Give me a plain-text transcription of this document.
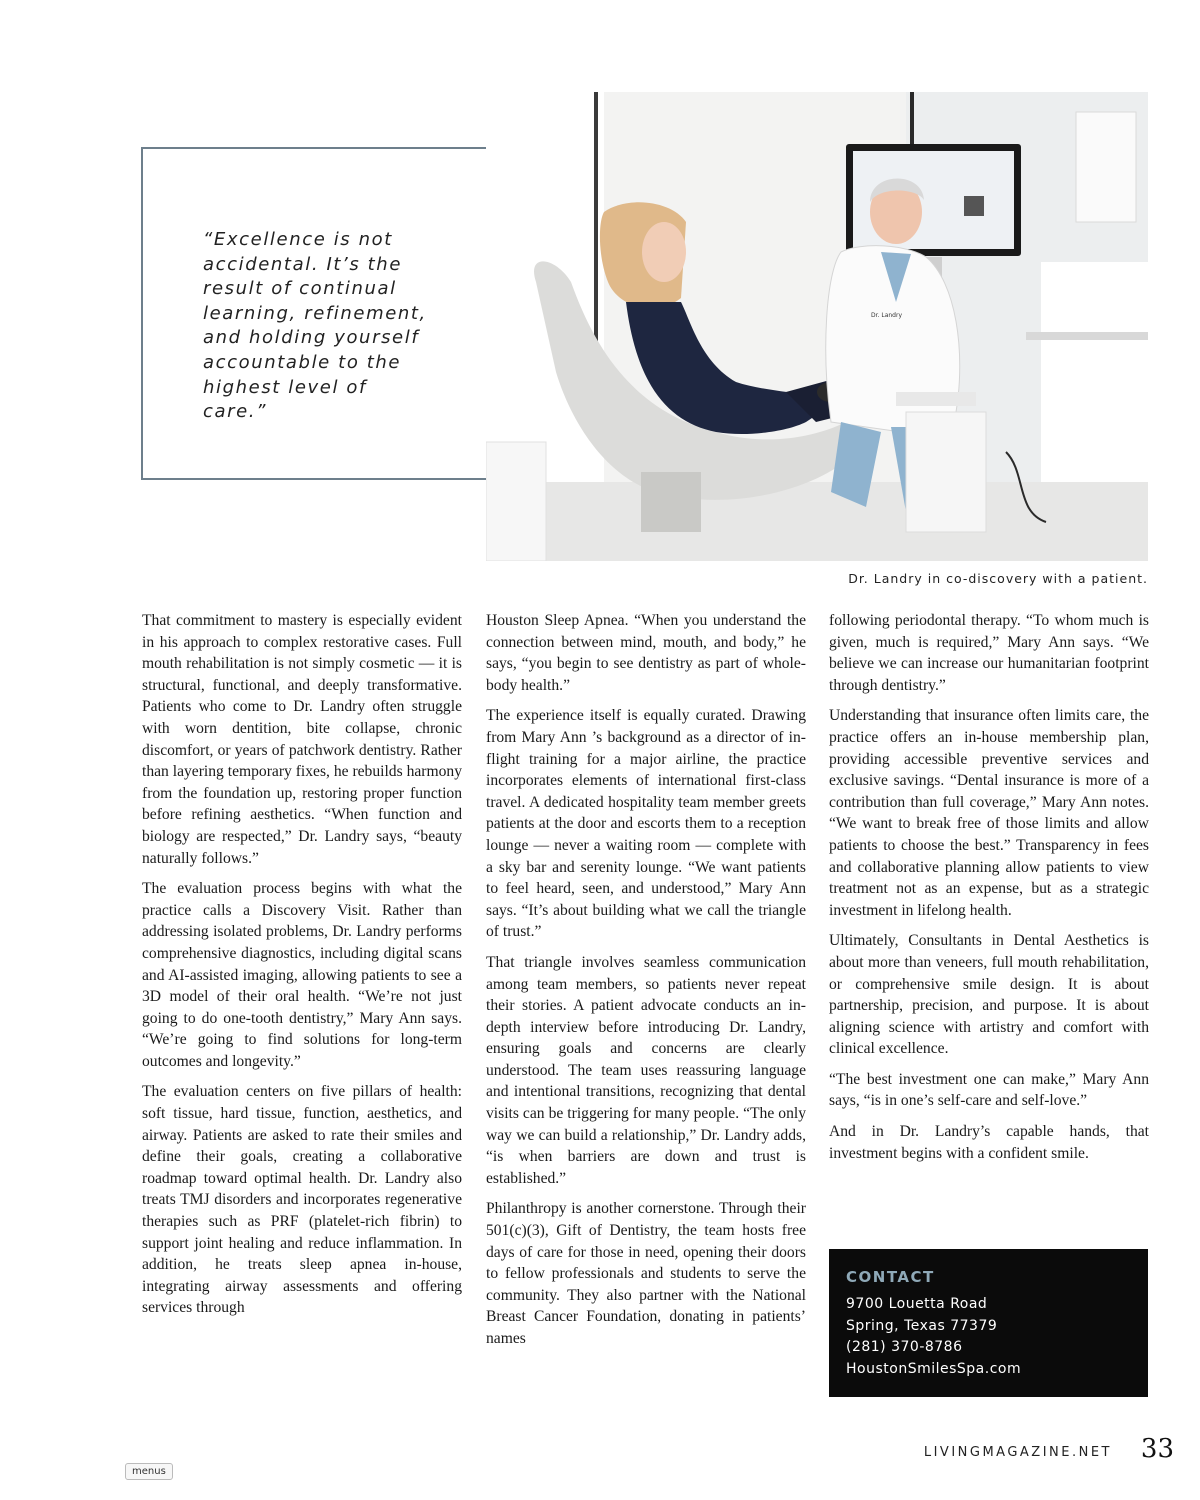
“Excellence is not accidental. It’s the result of continual learning, refinement, and holding yourself accountable to the highest level of care.”
Dr. Landry
Dr. Landry in co-discovery with a patient.

That commitment to mastery is especially evident in his approach to complex restorative cases. Full mouth rehabilitation is not simply cosmetic — it is structural, functional, and deeply transformative. Patients who come to Dr. Landry often struggle with worn dentition, bite collapse, chronic discomfort, or years of patchwork dentistry. Rather than layering temporary fixes, he rebuilds harmony from the foundation up, restoring proper function before refining aesthetics. “When function and biology are respected,” Dr. Landry says, “beauty naturally follows.”

The evaluation process begins with what the practice calls a Discovery Visit. Rather than addressing isolated problems, Dr. Landry performs comprehensive diagnostics, including digital scans and AI-assisted imaging, allowing patients to see a 3D model of their oral health. “We’re not just going to do one-tooth dentistry,” Mary Ann says. “We’re going to find solutions for long-term outcomes and longevity.”

The evaluation centers on five pillars of health: soft tissue, hard tissue, function, aesthetics, and airway. Patients are asked to rate their smiles and define their goals, creating a collaborative roadmap toward optimal health. Dr. Landry also treats TMJ disorders and incorporates regenerative therapies such as PRF (platelet-rich fibrin) to support joint healing and reduce inflammation. In addition, he treats sleep apnea in-house, integrating airway assessments and offering services through

Houston Sleep Apnea. “When you understand the connection between mind, mouth, and body,” he says, “you begin to see dentistry as part of whole-body health.”

The experience itself is equally curated. Drawing from Mary Ann ’s background as a director of in-flight training for a major airline, the practice incorporates elements of international first-class travel. A dedicated hospitality team member greets patients at the door and escorts them to a reception lounge — never a waiting room — complete with a sky bar and serenity lounge. “We want patients to feel heard, seen, and understood,” Mary Ann says. “It’s about building what we call the triangle of trust.”

That triangle involves seamless communication among team members, so patients never repeat their stories. A patient advocate conducts an in-depth interview before introducing Dr. Landry, ensuring goals and concerns are clearly understood. The team uses reassuring language and intentional transitions, recognizing that dental visits can be triggering for many people. “The only way we can build a relationship,” Dr. Landry adds, “is when barriers are down and trust is established.”

Philanthropy is another cornerstone. Through their 501(c)(3), Gift of Dentistry, the team hosts free days of care for those in need, opening their doors to fellow professionals and students to serve the community. They also partner with the National Breast Cancer Foundation, donating in patients’ names

following periodontal therapy. “To whom much is given, much is required,” Mary Ann says. “We believe we can increase our humanitarian footprint through dentistry.”

Understanding that insurance often limits care, the practice offers an in-house membership plan, providing accessible preventive services and exclusive savings. “Dental insurance is more of a contribution than full coverage,” Mary Ann notes. “We want to break free of those limits and allow patients to choose the best.” Transparency in fees and collaborative planning allow patients to view treatment not as an expense, but as a strategic investment in lifelong health.

Ultimately, Consultants in Dental Aesthetics is about more than veneers, full mouth rehabilitation, or comprehensive smile design. It is about partnership, precision, and purpose. It is about aligning science with artistry and comfort with clinical excellence.

“The best investment one can make,” Mary Ann says, “is in one’s self-care and self-love.”

And in Dr. Landry’s capable hands, that investment begins with a confident smile.

CONTACT
9700 Louetta Road
Spring, Texas 77379
(281) 370-8786
HoustonSmilesSpa.com
LIVINGMAGAZINE.NET 33
menus
